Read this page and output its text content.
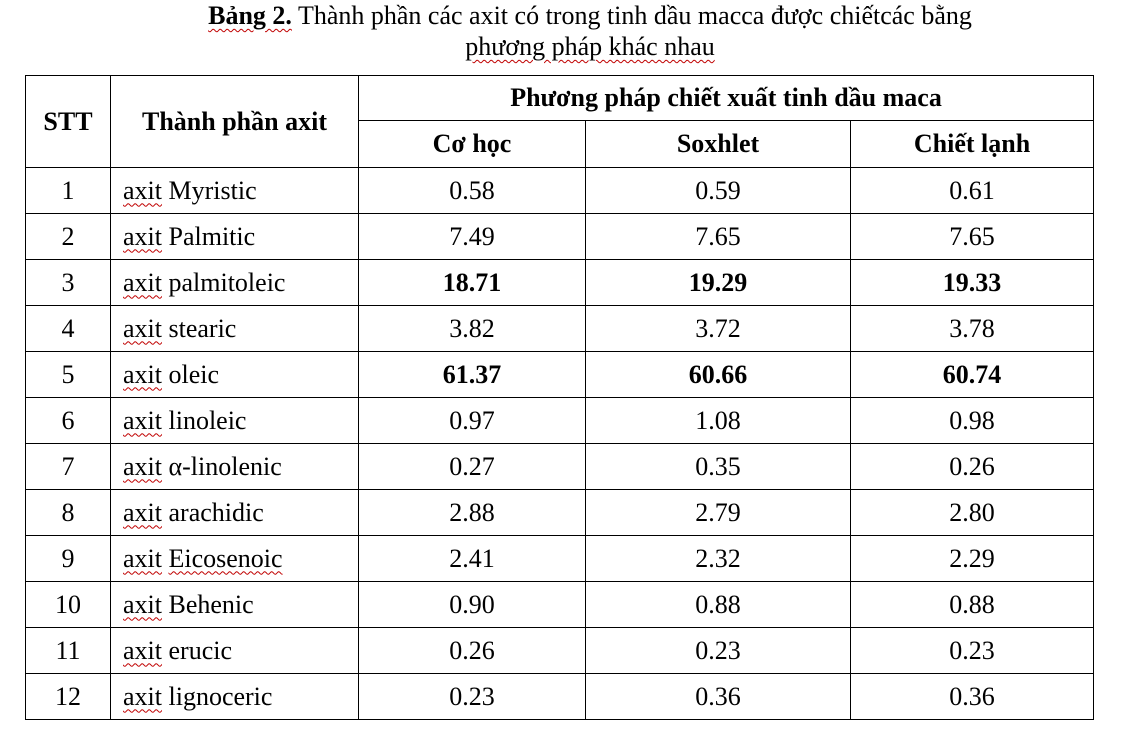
Bảng 2. Thành phần các axit có trong tinh dầu macca được chiếtcác bằng
phương pháp khác nhau
STT	Thành phần axit	Phương pháp chiết xuất tinh dầu maca		
		Cơ học	Soxhlet	Chiết lạnh
1	axit Myristic	0.58	0.59	0.61
2	axit Palmitic	7.49	7.65	7.65
3	axit palmitoleic	18.71	19.29	19.33
4	axit stearic	3.82	3.72	3.78
5	axit oleic	61.37	60.66	60.74
6	axit linoleic	0.97	1.08	0.98
7	axit α-linolenic	0.27	0.35	0.26
8	axit arachidic	2.88	2.79	2.80
9	axit Eicosenoic	2.41	2.32	2.29
10	axit Behenic	0.90	0.88	0.88
11	axit erucic	0.26	0.23	0.23
12	axit lignoceric	0.23	0.36	0.36
